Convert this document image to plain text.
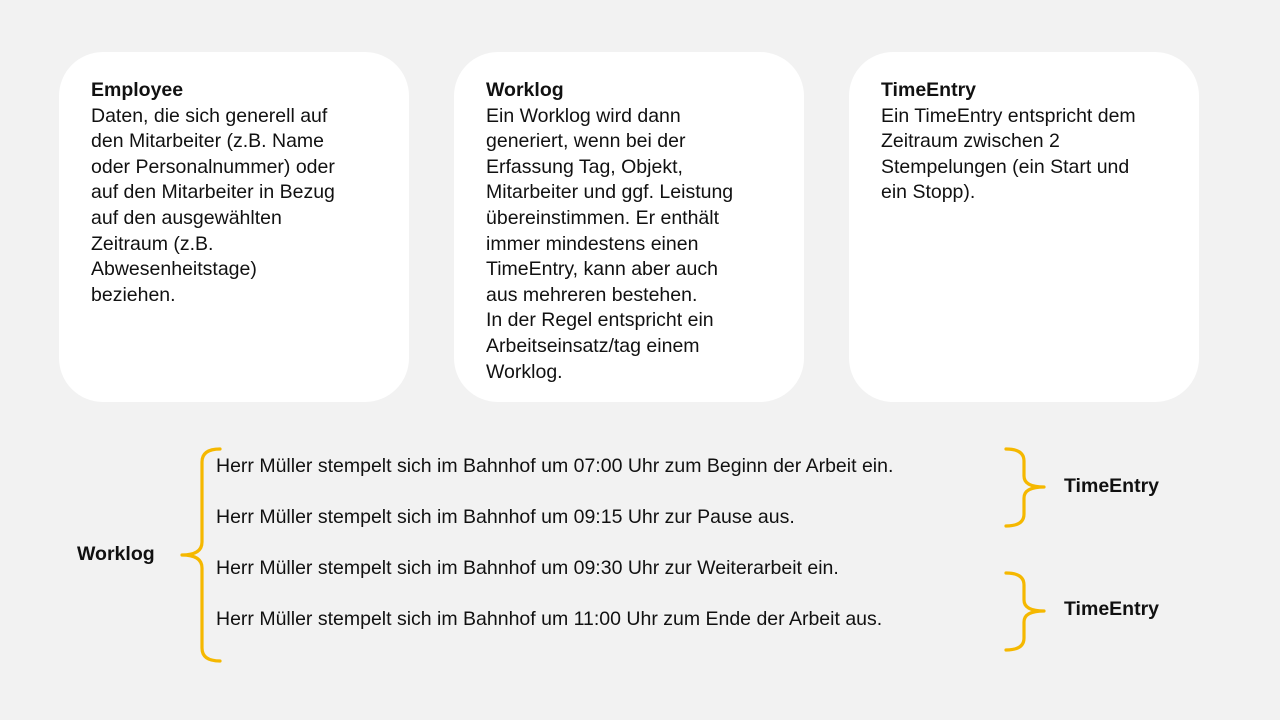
Employee
Daten, die sich generell auf
den Mitarbeiter (z.B. Name
oder Personalnummer) oder
auf den Mitarbeiter in Bezug
auf den ausgewählten
Zeitraum (z.B.
Abwesenheitstage)
beziehen.
Worklog
Ein Worklog wird dann
generiert, wenn bei der
Erfassung Tag, Objekt,
Mitarbeiter und ggf. Leistung
übereinstimmen. Er enthält
immer mindestens einen
TimeEntry, kann aber auch
aus mehreren bestehen.
In der Regel entspricht ein
Arbeitseinsatz/tag einem
Worklog.
TimeEntry
Ein TimeEntry entspricht dem
Zeitraum zwischen 2
Stempelungen (ein Start und
ein Stopp).
Worklog
Herr Müller stempelt sich im Bahnhof um 07:00 Uhr zum Beginn der Arbeit ein.
Herr Müller stempelt sich im Bahnhof um 09:15 Uhr zur Pause aus.
Herr Müller stempelt sich im Bahnhof um 09:30 Uhr zur Weiterarbeit ein.
Herr Müller stempelt sich im Bahnhof um 11:00 Uhr zum Ende der Arbeit aus.
TimeEntry
TimeEntry
